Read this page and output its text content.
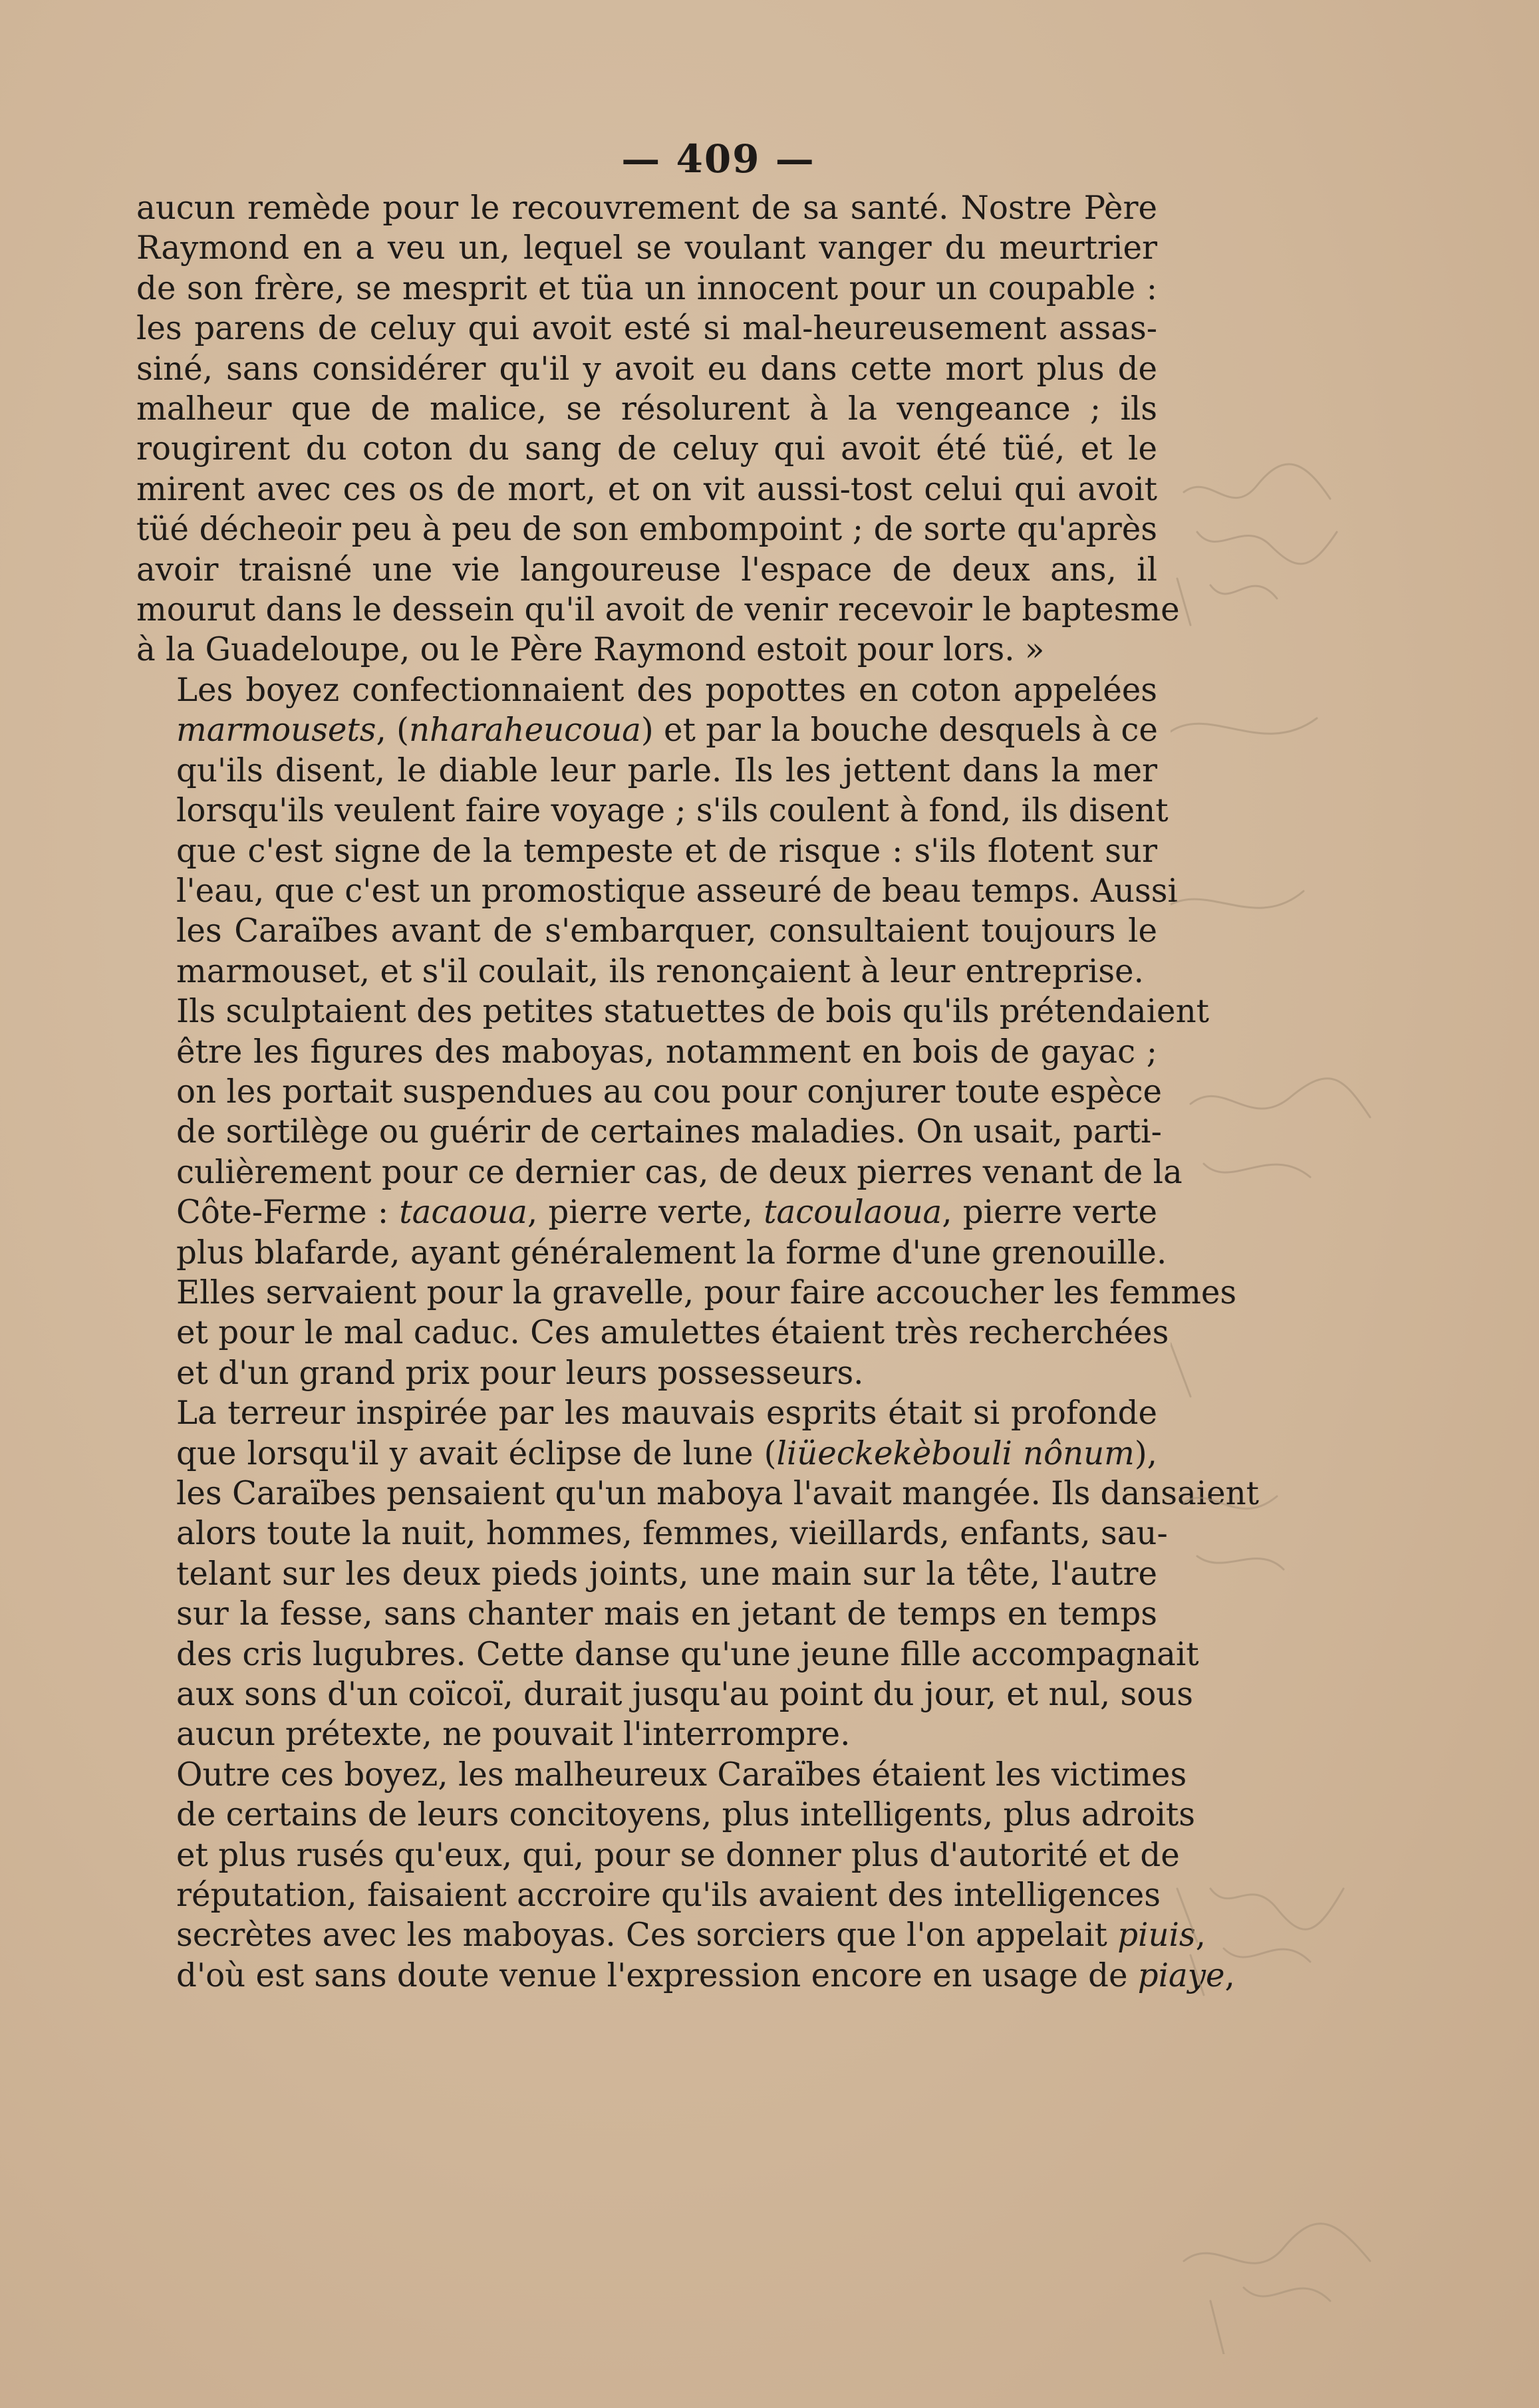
— 409 —
aucun remède pour le recouvrement de sa santé. Nostre Père
Raymond en a veu un, lequel se voulant vanger du meurtrier
de son frère, se mesprit et tüa un innocent pour un coupable :
les parens de celuy qui avoit esté si mal-heureusement assas-
siné, sans considérer qu'il y avoit eu dans cette mort plus de
malheur que de malice, se résolurent à la vengeance ; ils
rougirent du coton du sang de celuy qui avoit été tüé, et le
mirent avec ces os de mort, et on vit aussi-tost celui qui avoit
tüé décheoir peu à peu de son embompoint ; de sorte qu'après
avoir traisné une vie langoureuse l'espace de deux ans, il
mourut dans le dessein qu'il avoit de venir recevoir le baptesme
à la Guadeloupe, ou le Père Raymond estoit pour lors. »
Les boyez confectionnaient des popottes en coton appelées
marmousets, (nharaheucoua) et par la bouche desquels à ce
qu'ils disent, le diable leur parle. Ils les jettent dans la mer
lorsqu'ils veulent faire voyage ; s'ils coulent à fond, ils disent
que c'est signe de la tempeste et de risque : s'ils flotent sur
l'eau, que c'est un promostique asseuré de beau temps. Aussi
les Caraïbes avant de s'embarquer, consultaient toujours le
marmouset, et s'il coulait, ils renonçaient à leur entreprise.
Ils sculptaient des petites statuettes de bois qu'ils prétendaient
être les figures des maboyas, notamment en bois de gayac ;
on les portait suspendues au cou pour conjurer toute espèce
de sortilège ou guérir de certaines maladies. On usait, parti-
culièrement pour ce dernier cas, de deux pierres venant de la
Côte-Ferme : tacaoua, pierre verte, tacoulaoua, pierre verte
plus blafarde, ayant généralement la forme d'une grenouille.
Elles servaient pour la gravelle, pour faire accoucher les femmes
et pour le mal caduc. Ces amulettes étaient très recherchées
et d'un grand prix pour leurs possesseurs.
La terreur inspirée par les mauvais esprits était si profonde
que lorsqu'il y avait éclipse de lune (liüeckekèbouli nônum),
les Caraïbes pensaient qu'un maboya l'avait mangée. Ils dansaient
alors toute la nuit, hommes, femmes, vieillards, enfants, sau-
telant sur les deux pieds joints, une main sur la tête, l'autre
sur la fesse, sans chanter mais en jetant de temps en temps
des cris lugubres. Cette danse qu'une jeune fille accompagnait
aux sons d'un coïcoï, durait jusqu'au point du jour, et nul, sous
aucun prétexte, ne pouvait l'interrompre.
Outre ces boyez, les malheureux Caraïbes étaient les victimes
de certains de leurs concitoyens, plus intelligents, plus adroits
et plus rusés qu'eux, qui, pour se donner plus d'autorité et de
réputation, faisaient accroire qu'ils avaient des intelligences
secrètes avec les maboyas. Ces sorciers que l'on appelait piuis,
d'où est sans doute venue l'expression encore en usage de piaye,
